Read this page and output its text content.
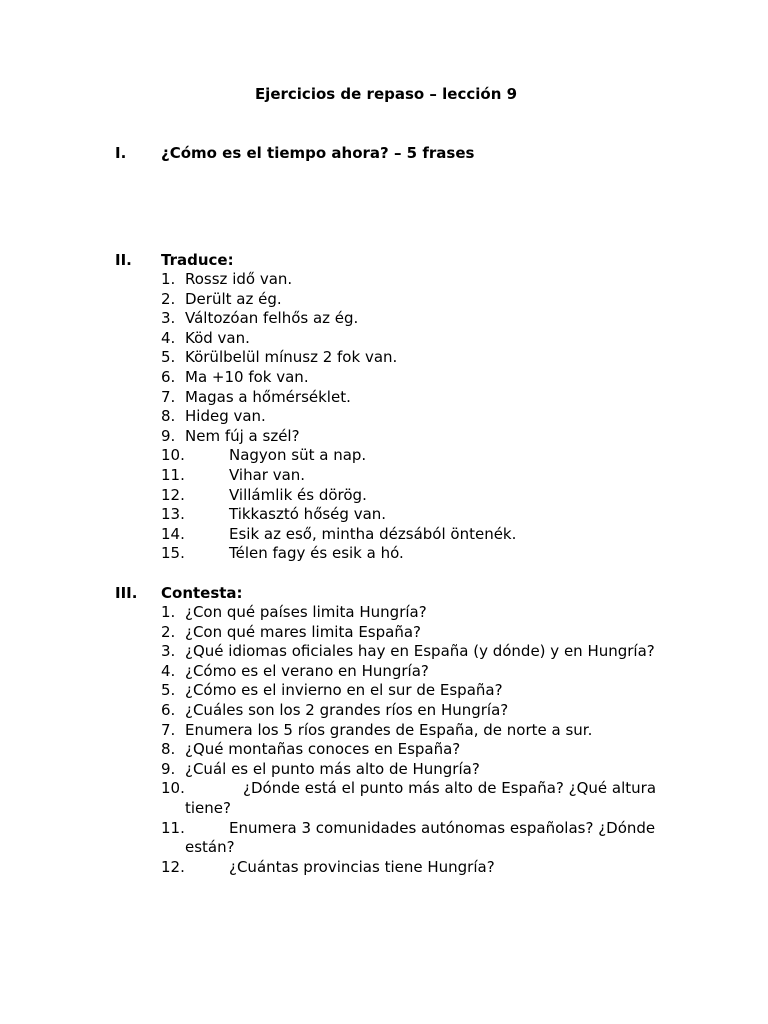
Ejercicios de repaso – lección 9
I. ¿Cómo es el tiempo ahora? – 5 frases
II. Traduce:
1. Rossz idő van.
2. Derült az ég.
3. Változóan felhős az ég.
4. Köd van.
5. Körülbelül mínusz 2 fok van.
6. Ma +10 fok van.
7. Magas a hőmérséklet.
8. Hideg van.
9. Nem fúj a szél?
10.	Nagyon süt a nap.
11.	Vihar van.
12.	Villámlik és dörög.
13.	Tikkasztó hőség van.
14.	Esik az eső, mintha dézsából öntenék.
15.	Télen fagy és esik a hó.
III. Contesta:
1. ¿Con qué países limita Hungría?
2. ¿Con qué mares limita España?
3. ¿Qué idiomas oficiales hay en España (y dónde) y en Hungría?
4. ¿Cómo es el verano en Hungría?
5. ¿Cómo es el invierno en el sur de España?
6. ¿Cuáles son los 2 grandes ríos en Hungría?
7. Enumera los 5 ríos grandes de España, de norte a sur.
8. ¿Qué montañas conoces en España?
9. ¿Cuál es el punto más alto de Hungría?
10.	¿Dónde está el punto más alto de España? ¿Qué altura
tiene?
11.	Enumera 3 comunidades autónomas españolas? ¿Dónde
están?
12.	¿Cuántas provincias tiene Hungría?
